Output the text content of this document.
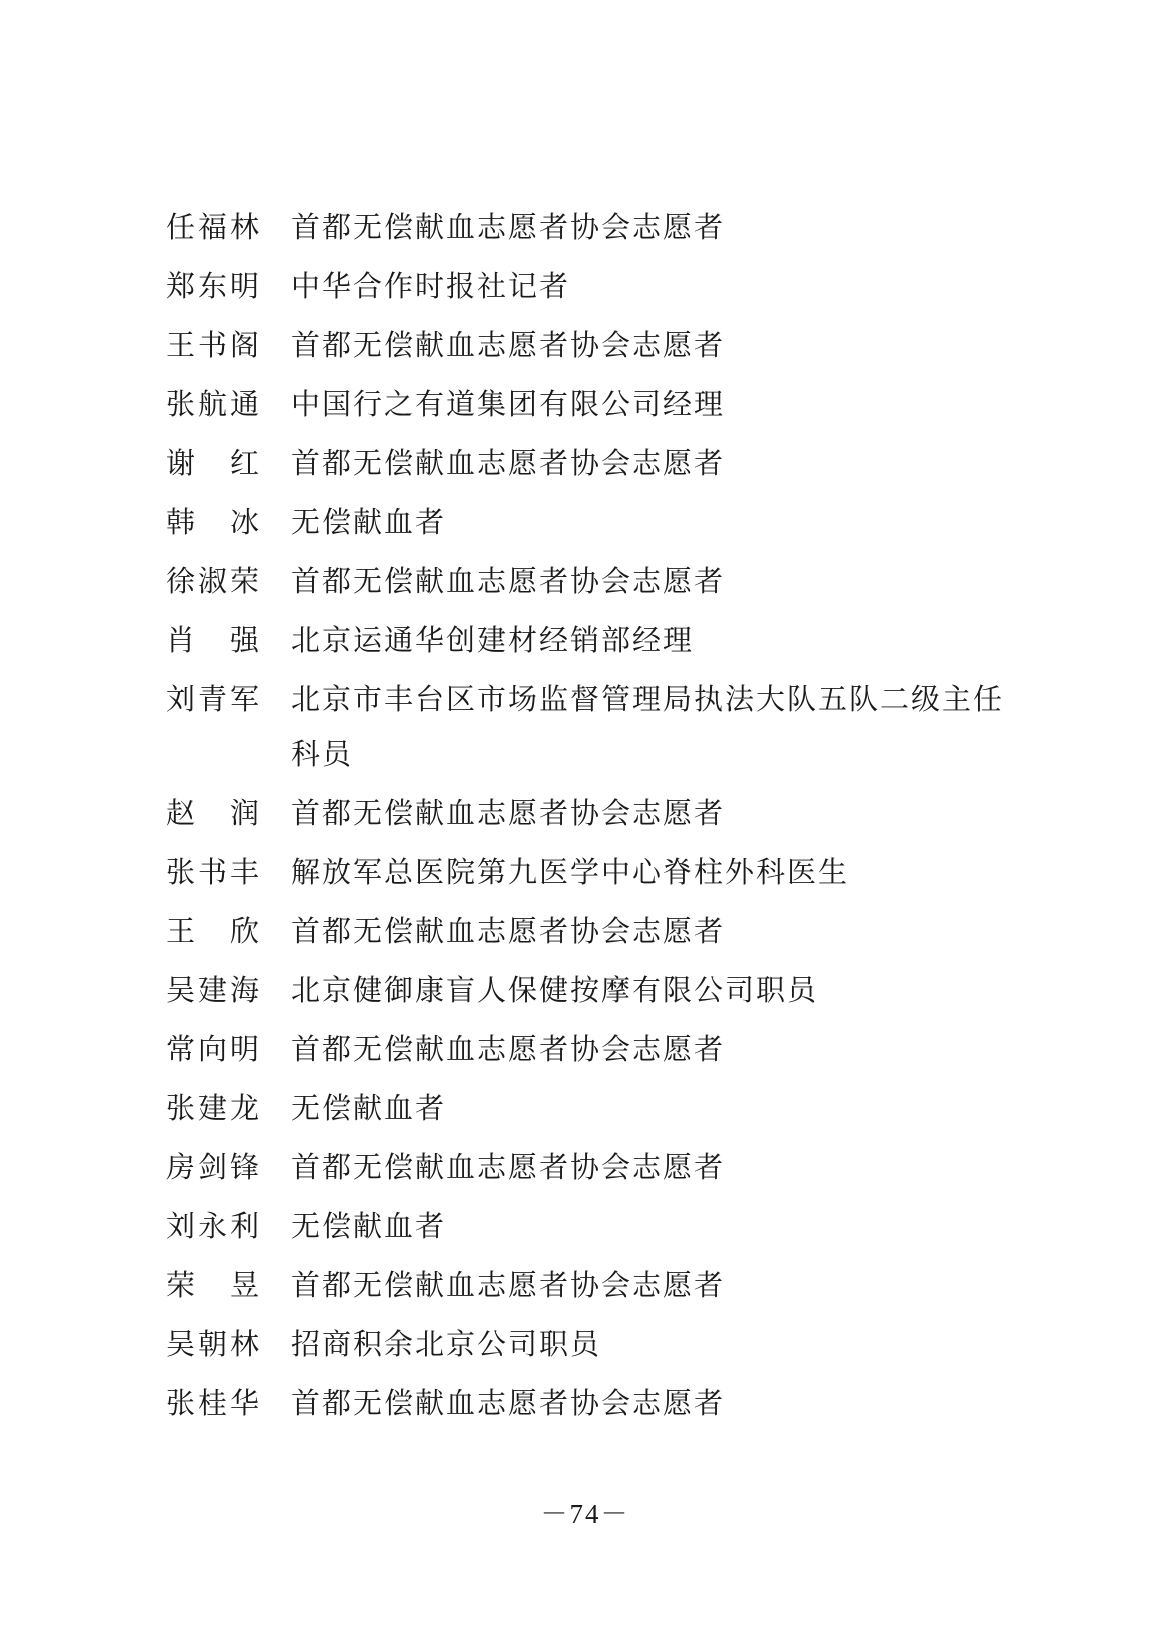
任福林 首都无偿献血志愿者协会志愿者
郑东明 中华合作时报社记者
王书阁 首都无偿献血志愿者协会志愿者
张航通 中国行之有道集团有限公司经理
谢 红 首都无偿献血志愿者协会志愿者
韩 冰 无偿献血者
徐淑荣 首都无偿献血志愿者协会志愿者
肖 强 北京运通华创建材经销部经理
刘青军 北京市丰台区市场监督管理局执法大队五队二级主任科员
赵 润 首都无偿献血志愿者协会志愿者
张书丰 解放军总医院第九医学中心脊柱外科医生
王 欣 首都无偿献血志愿者协会志愿者
吴建海 北京健御康盲人保健按摩有限公司职员
常向明 首都无偿献血志愿者协会志愿者
张建龙 无偿献血者
房剑锋 首都无偿献血志愿者协会志愿者
刘永利 无偿献血者
荣 昱 首都无偿献血志愿者协会志愿者
吴朝林 招商积余北京公司职员
张桂华 首都无偿献血志愿者协会志愿者
－74－
